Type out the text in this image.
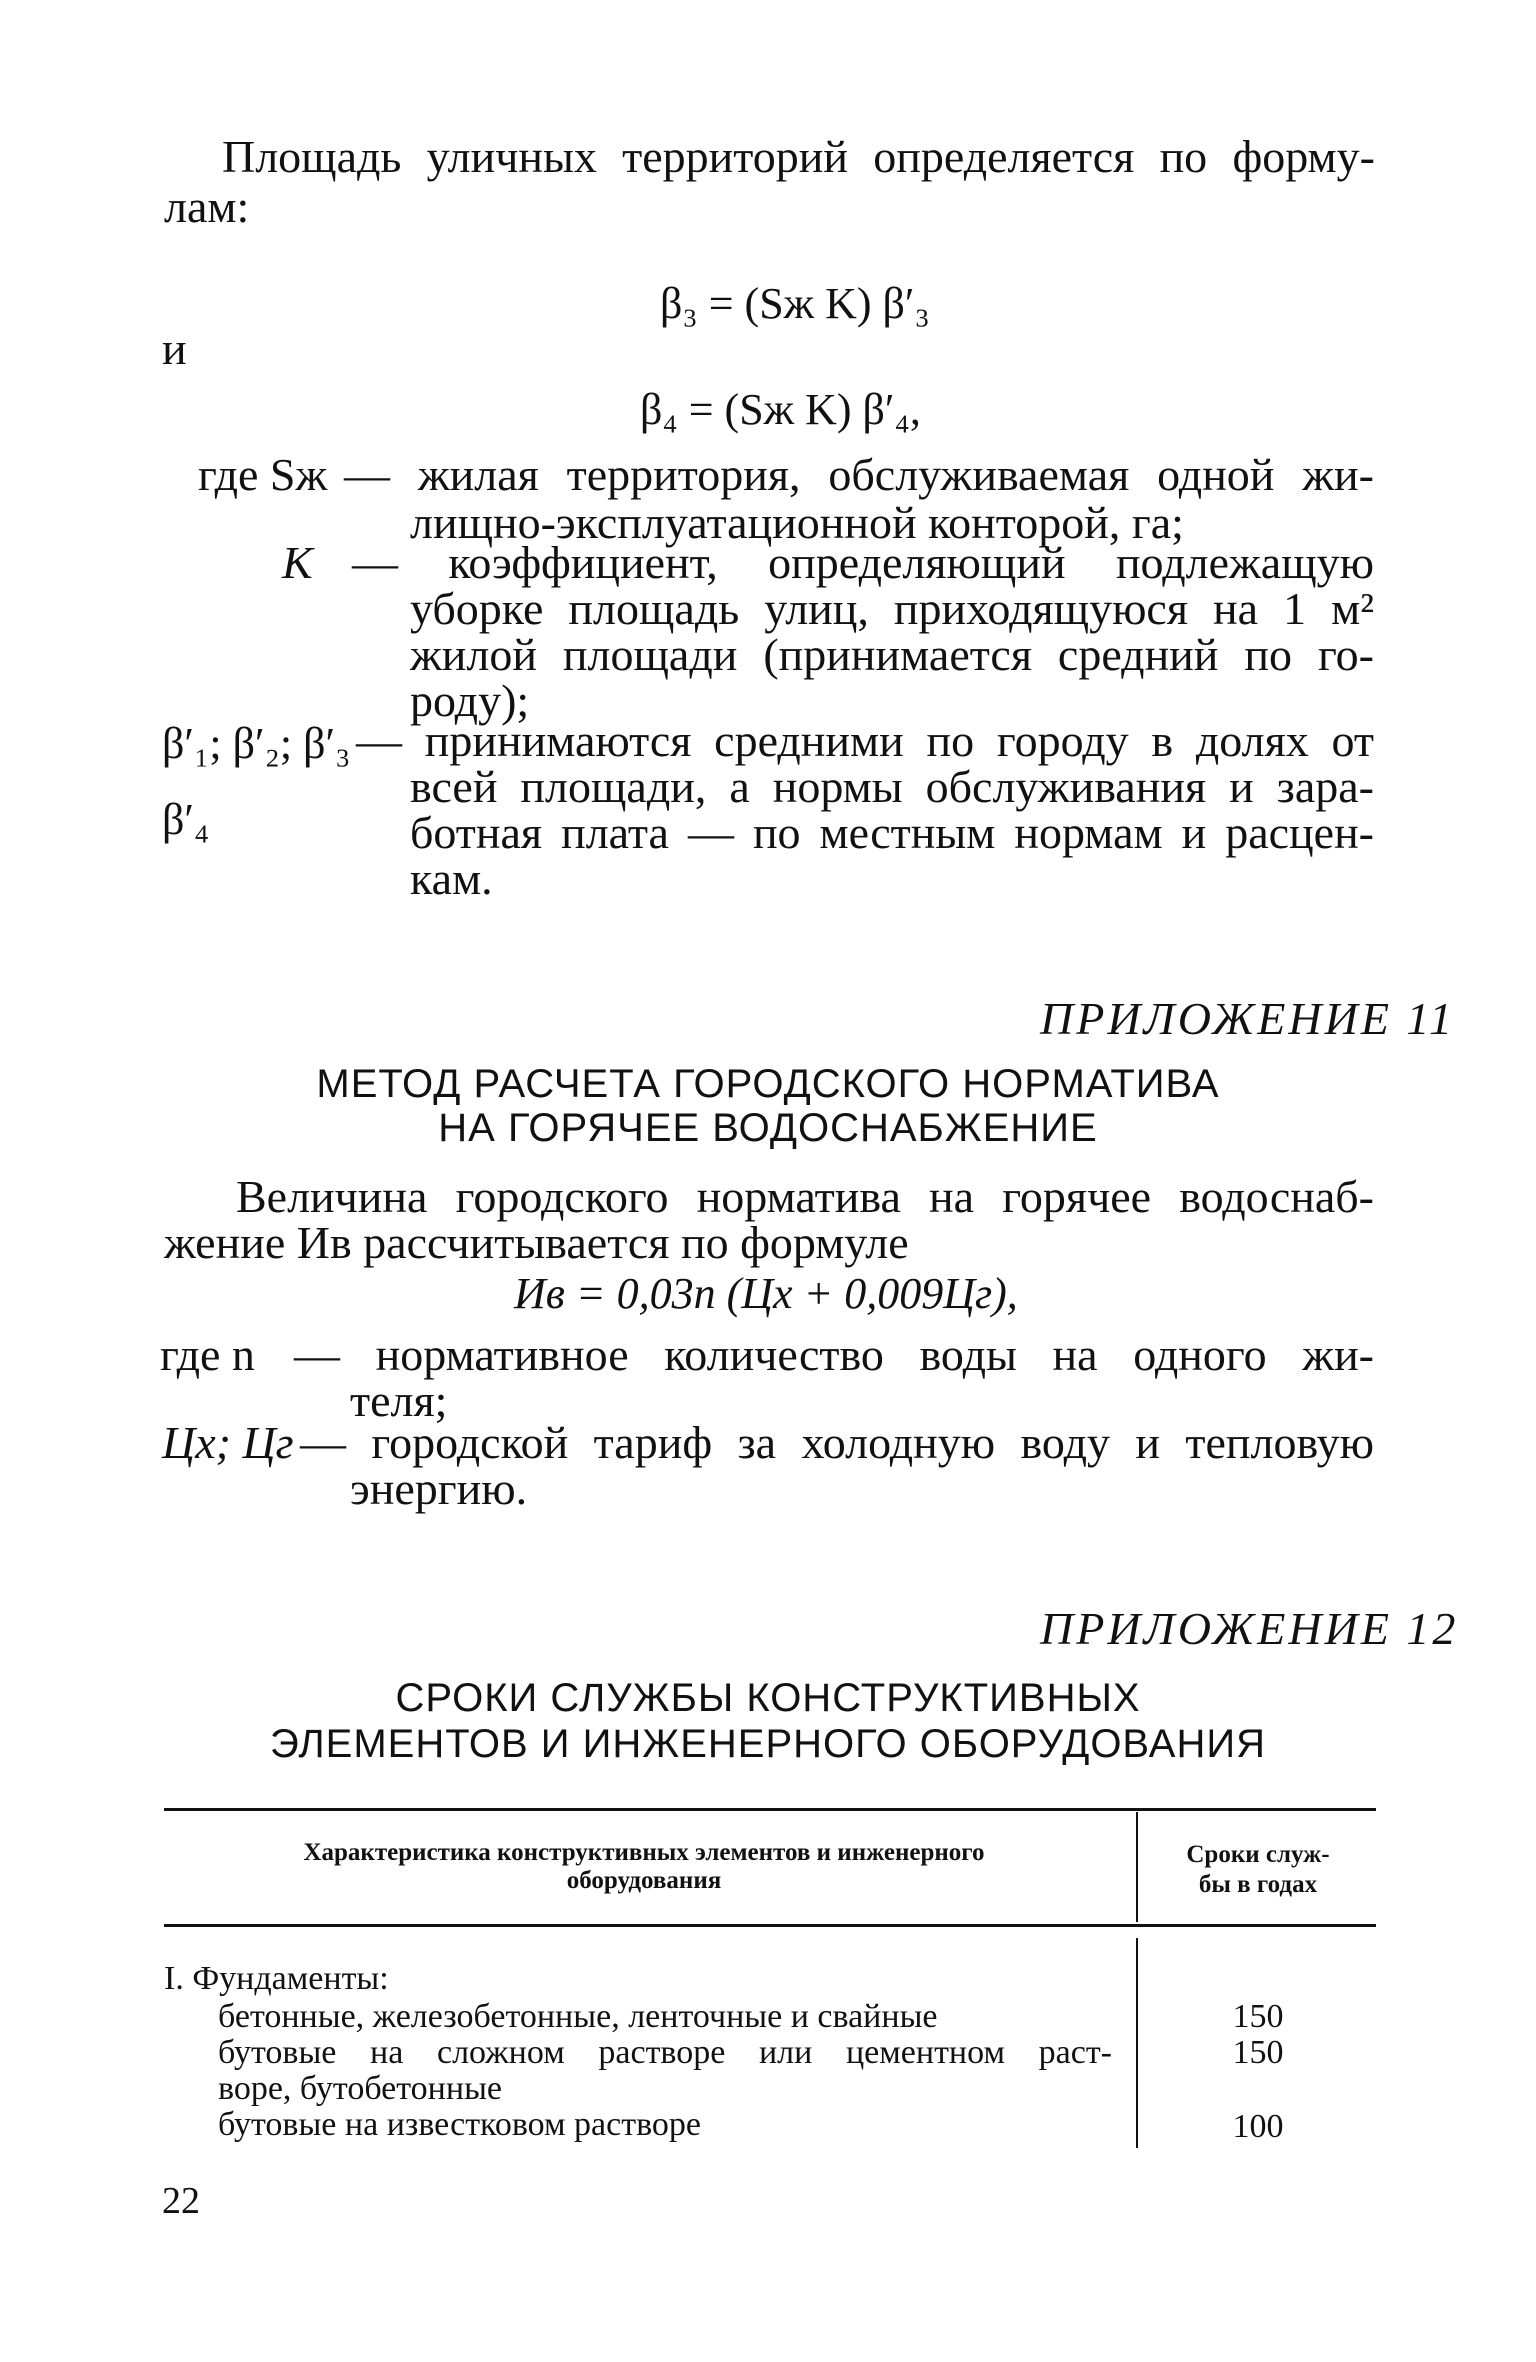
Площадь уличных территорий определяется по форму-
лам:
β₃ = (Sж K) β′₃
и
β₄ = (Sж K) β′₄,
где Sж — жилая территория, обслуживаемая одной жи-
лищно-эксплуатационной конторой, га;
K — коэффициент, определяющий подлежащую
уборке площадь улиц, приходящуюся на 1 м²
жилой площади (принимается средний по го-
роду);
β′₁; β′₂; β′₃
β′₄
— принимаются средними по городу в долях от
всей площади, а нормы обслуживания и зара-
ботная плата — по местным нормам и расцен-
кам.
ПРИЛОЖЕНИЕ 11
МЕТОД РАСЧЕТА ГОРОДСКОГО НОРМАТИВА
НА ГОРЯЧЕЕ ВОДОСНАБЖЕНИЕ
Величина городского норматива на горячее водоснаб-
жение Ив рассчитывается по формуле
Ив = 0,03n (Цх + 0,009Цг),
где n — нормативное количество воды на одного жи-
теля;
Цх; Цг — городской тариф за холодную воду и тепловую
энергию.
ПРИЛОЖЕНИЕ 12
СРОКИ СЛУЖБЫ КОНСТРУКТИВНЫХ
ЭЛЕМЕНТОВ И ИНЖЕНЕРНОГО ОБОРУДОВАНИЯ
Характеристика конструктивных элементов и инженерного
оборудования
Сроки служ-
бы в годах
I. Фундаменты:
бетонные, железобетонные, ленточные и свайные	150
бутовые на сложном растворе или цементном раст-
воре, бутобетонные
150
бутовые на известковом растворе	100
22
